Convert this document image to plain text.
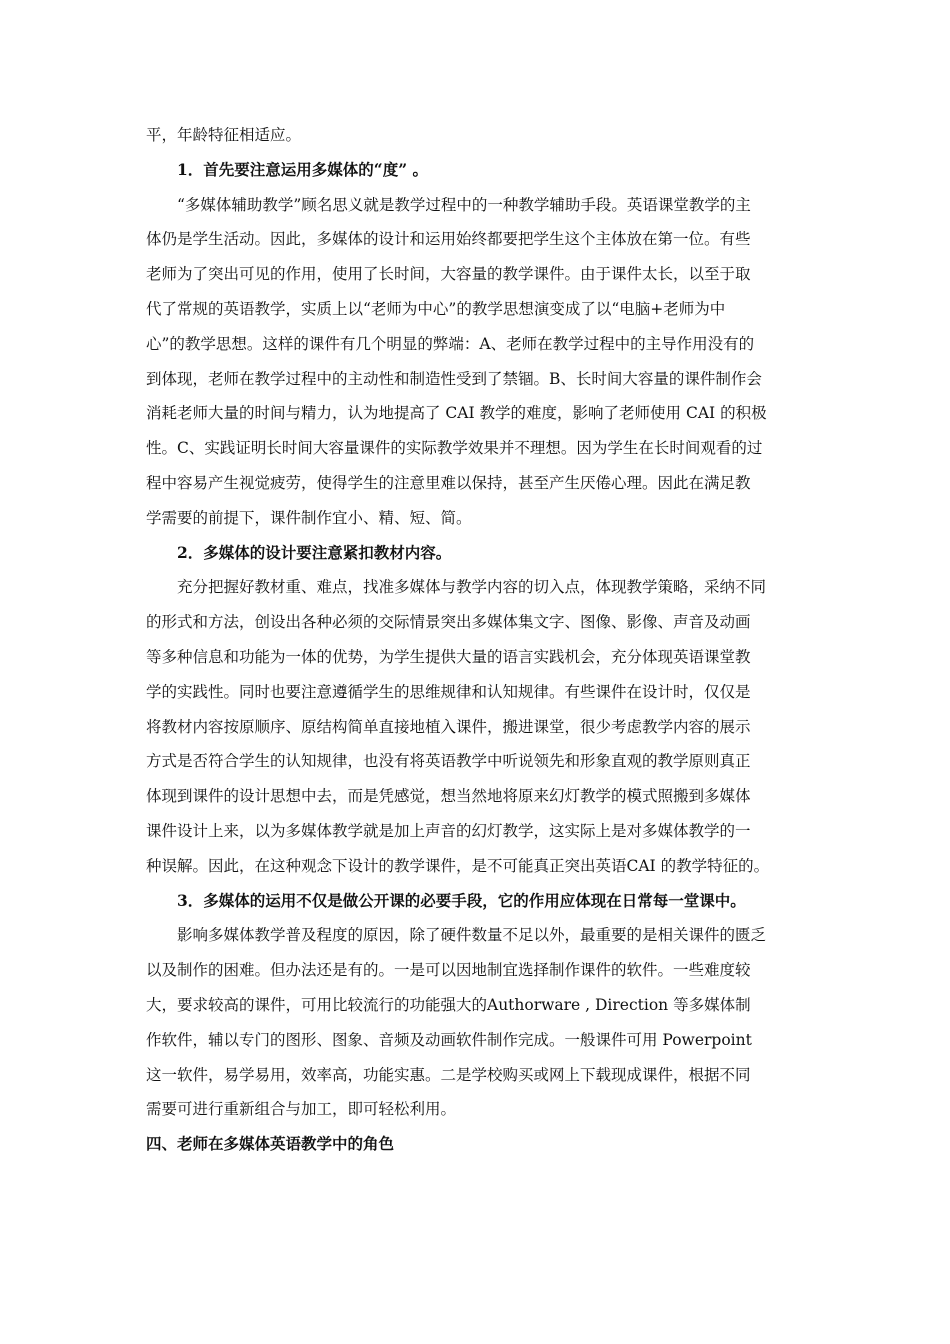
平，年龄特征相适应。
1．首先要注意运用多媒体的“度” 。
“多媒体辅助教学”顾名思义就是教学过程中的一种教学辅助手段。英语课堂教学的主
体仍是学生活动。因此，多媒体的设计和运用始终都要把学生这个主体放在第一位。有些
老师为了突出可见的作用，使用了长时间，大容量的教学课件。由于课件太长，以至于取
代了常规的英语教学，实质上以“老师为中心”的教学思想演变成了以“电脑+老师为中
心”的教学思想。这样的课件有几个明显的弊端：A、老师在教学过程中的主导作用没有的
到体现，老师在教学过程中的主动性和制造性受到了禁锢。B、长时间大容量的课件制作会
消耗老师大量的时间与精力，认为地提高了 CAI 教学的难度，影响了老师使用 CAI 的积极
性。C、实践证明长时间大容量课件的实际教学效果并不理想。因为学生在长时间观看的过
程中容易产生视觉疲劳，使得学生的注意里难以保持，甚至产生厌倦心理。因此在满足教
学需要的前提下，课件制作宜小、精、短、简。
2．多媒体的设计要注意紧扣教材内容。
充分把握好教材重、难点，找准多媒体与教学内容的切入点，体现教学策略，采纳不同
的形式和方法，创设出各种必须的交际情景突出多媒体集文字、图像、影像、声音及动画
等多种信息和功能为一体的优势，为学生提供大量的语言实践机会，充分体现英语课堂教
学的实践性。同时也要注意遵循学生的思维规律和认知规律。有些课件在设计时，仅仅是
将教材内容按原顺序、原结构简单直接地植入课件，搬进课堂，很少考虑教学内容的展示
方式是否符合学生的认知规律，也没有将英语教学中听说领先和形象直观的教学原则真正
体现到课件的设计思想中去，而是凭感觉，想当然地将原来幻灯教学的模式照搬到多媒体
课件设计上来，以为多媒体教学就是加上声音的幻灯教学，这实际上是对多媒体教学的一
种误解。因此，在这种观念下设计的教学课件，是不可能真正突出英语CAI 的教学特征的。
3．多媒体的运用不仅是做公开课的必要手段，它的作用应体现在日常每一堂课中。
影响多媒体教学普及程度的原因，除了硬件数量不足以外，最重要的是相关课件的匮乏
以及制作的困难。但办法还是有的。一是可以因地制宜选择制作课件的软件。一些难度较
大，要求较高的课件，可用比较流行的功能强大的Authorware , Direction 等多媒体制
作软件，辅以专门的图形、图象、音频及动画软件制作完成。一般课件可用 Powerpoint
这一软件，易学易用，效率高，功能实惠。二是学校购买或网上下载现成课件，根据不同
需要可进行重新组合与加工，即可轻松利用。
四、老师在多媒体英语教学中的角色
